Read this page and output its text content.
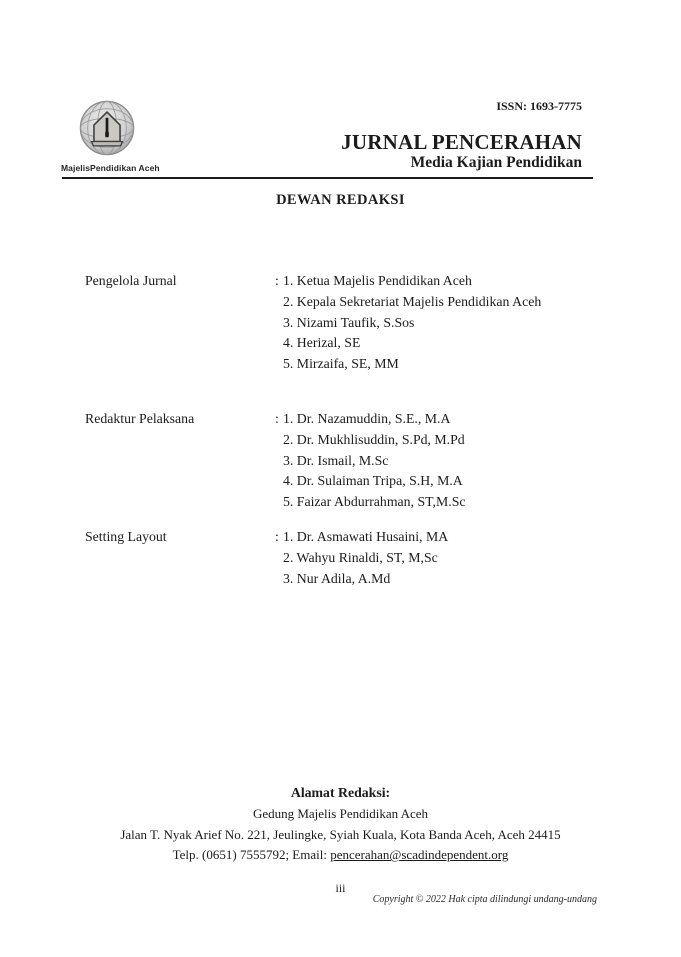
MajelisPendidikan Aceh
ISSN: 1693-7775
JURNAL PENCERAHAN
Media Kajian Pendidikan
DEWAN REDAKSI
Pengelola Jurnal	: 1. Ketua Majelis Pendidikan Aceh
2. Kepala Sekretariat Majelis Pendidikan Aceh
3. Nizami Taufik, S.Sos
4. Herizal, SE
5. Mirzaifa, SE, MM
Redaktur Pelaksana	: 1. Dr. Nazamuddin, S.E., M.A
2. Dr. Mukhlisuddin, S.Pd, M.Pd
3. Dr. Ismail, M.Sc
4. Dr. Sulaiman Tripa, S.H, M.A
5. Faizar Abdurrahman, ST,M.Sc
Setting Layout	: 1. Dr. Asmawati Husaini, MA
2. Wahyu Rinaldi, ST, M,Sc
3. Nur Adila, A.Md
Alamat Redaksi:
Gedung Majelis Pendidikan Aceh
Jalan T. Nyak Arief No. 221, Jeulingke, Syiah Kuala, Kota Banda Aceh, Aceh 24415
Telp. (0651) 7555792; Email: pencerahan@scadindependent.org
iii
Copyright © 2022 Hak cipta dilindungi undang-undang
